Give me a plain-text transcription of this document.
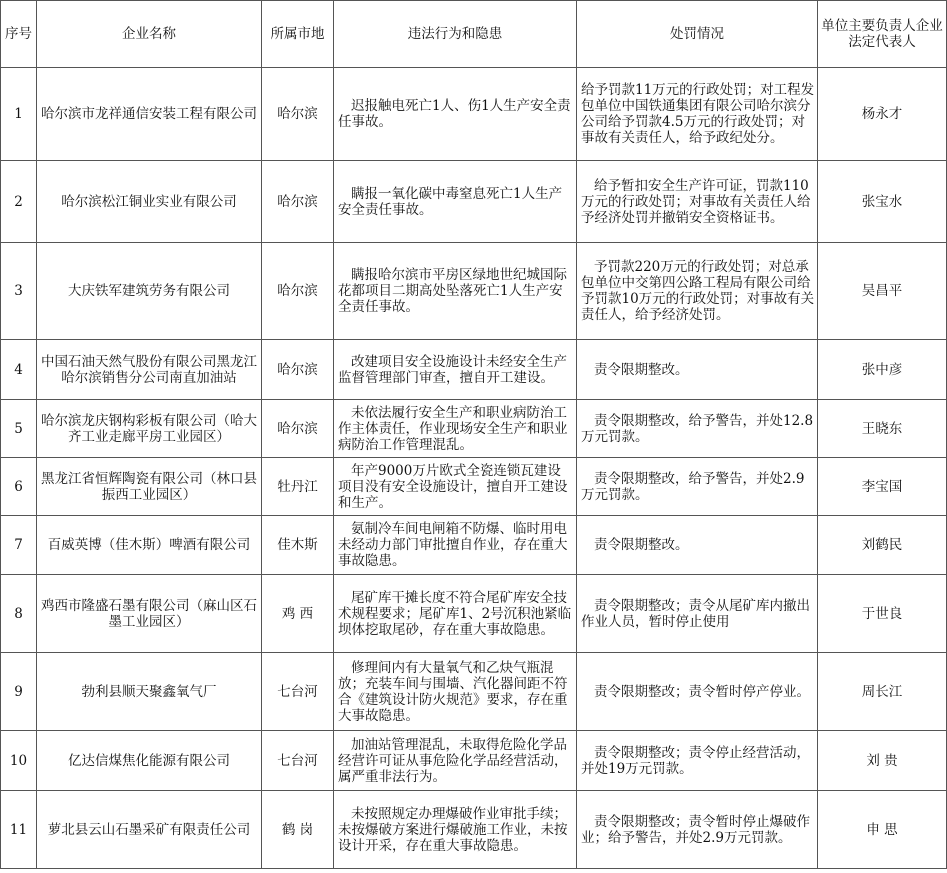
序号	企业名称	所属市地	违法行为和隐患	处罚情况	单位主要负责人企业法定代表人
1	哈尔滨市龙祥通信安装工程有限公司	哈尔滨	迟报触电死亡1人、伤1人生产安全责任事故。	给予罚款11万元的行政处罚；对工程发包单位中国铁通集团有限公司哈尔滨分公司给予罚款4.5万元的行政处罚；对事故有关责任人，给予政纪处分。	杨永才
2	哈尔滨松江铜业实业有限公司	哈尔滨	瞒报一氧化碳中毒窒息死亡1人生产安全责任事故。	给予暂扣安全生产许可证，罚款110万元的行政处罚；对事故有关责任人给予经济处罚并撤销安全资格证书。	张宝水
3	大庆铁军建筑劳务有限公司	哈尔滨	瞒报哈尔滨市平房区绿地世纪城国际花都项目二期高处坠落死亡1人生产安全责任事故。	予罚款220万元的行政处罚；对总承包单位中交第四公路工程局有限公司给予罚款10万元的行政处罚；对事故有关责任人，给予经济处罚。	吴昌平
4	中国石油天然气股份有限公司黑龙江哈尔滨销售分公司南直加油站	哈尔滨	改建项目安全设施设计未经安全生产监督管理部门审查，擅自开工建设。	责令限期整改。	张中彦
5	哈尔滨龙庆钢构彩板有限公司（哈大齐工业走廊平房工业园区）	哈尔滨	未依法履行安全生产和职业病防治工作主体责任，作业现场安全生产和职业病防治工作管理混乱。	责令限期整改，给予警告，并处12.8万元罚款。	王晓东
6	黑龙江省恒辉陶瓷有限公司（林口县振西工业园区）	牡丹江	年产9000万片欧式全瓷连锁瓦建设项目没有安全设施设计，擅自开工建设和生产。	责令限期整改，给予警告，并处2.9万元罚款。	李宝国
7	百威英博（佳木斯）啤酒有限公司	佳木斯	氨制冷车间电闸箱不防爆、临时用电未经动力部门审批擅自作业，存在重大事故隐患。	责令限期整改。	刘鹤民
8	鸡西市隆盛石墨有限公司（麻山区石墨工业园区）	鸡 西	尾矿库干摊长度不符合尾矿库安全技术规程要求；尾矿库1、2号沉积池紧临坝体挖取尾砂，存在重大事故隐患。	责令限期整改；责令从尾矿库内撤出作业人员，暂时停止使用	于世良
9	勃利县顺天聚鑫氧气厂	七台河	修理间内有大量氧气和乙炔气瓶混放；充装车间与围墙、汽化器间距不符合《建筑设计防火规范》要求，存在重大事故隐患。	责令限期整改；责令暂时停产停业。	周长江
10	亿达信煤焦化能源有限公司	七台河	加油站管理混乱，未取得危险化学品经营许可证从事危险化学品经营活动，属严重非法行为。	责令限期整改；责令停止经营活动，并处19万元罚款。	刘 贵
11	萝北县云山石墨采矿有限责任公司	鹤 岗	未按照规定办理爆破作业审批手续；未按爆破方案进行爆破施工作业，未按设计开采，存在重大事故隐患。	责令限期整改；责令暂时停止爆破作业；给予警告，并处2.9万元罚款。	申 思
